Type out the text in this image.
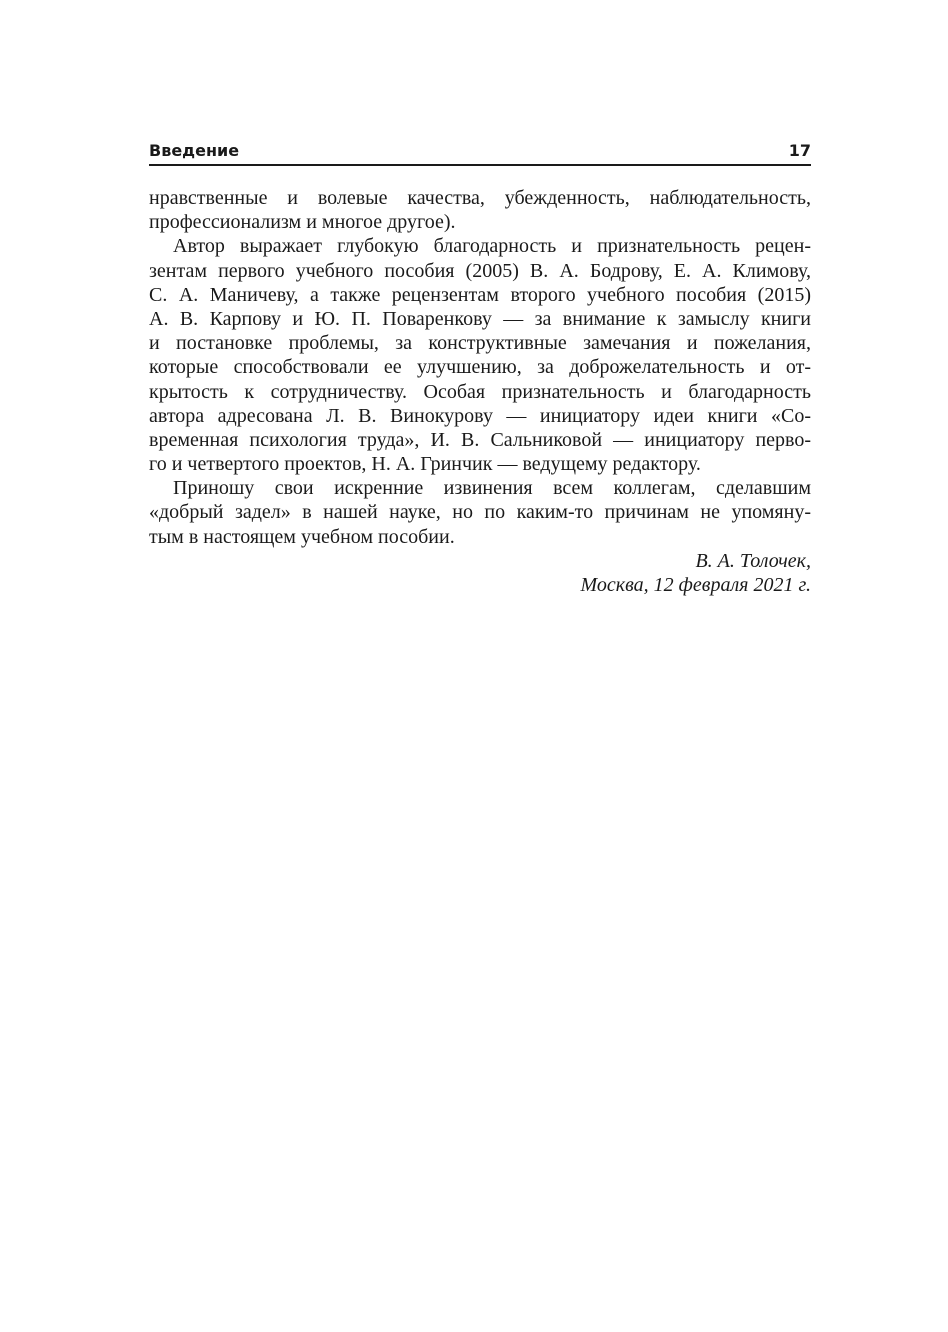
Введение	17

нравственные и волевые качества, убежденность, наблюдательность,
профессионализм и многое другое).

Автор выражает глубокую благодарность и признательность рецен-
зентам первого учебного пособия (2005) В. А. Бодрову, Е. А. Климову,
С. А. Маничеву, а также рецензентам второго учебного пособия (2015)
А. В. Карпову и Ю. П. Поваренкову — за внимание к замыслу книги
и постановке проблемы, за конструктивные замечания и пожелания,
которые способствовали ее улучшению, за доброжелательность и от-
крытость к сотрудничеству. Особая признательность и благодарность
автора адресована Л. В. Винокурову — инициатору идеи книги «Со-
временная психология труда», И. В. Сальниковой — инициатору перво-
го и четвертого проектов, Н. А. Гринчик — ведущему редактору.

Приношу свои искренние извинения всем коллегам, сделавшим
«добрый задел» в нашей науке, но по каким-то причинам не упомяну-
тым в настоящем учебном пособии.

В. А. Толочек,
Москва, 12 февраля 2021 г.
